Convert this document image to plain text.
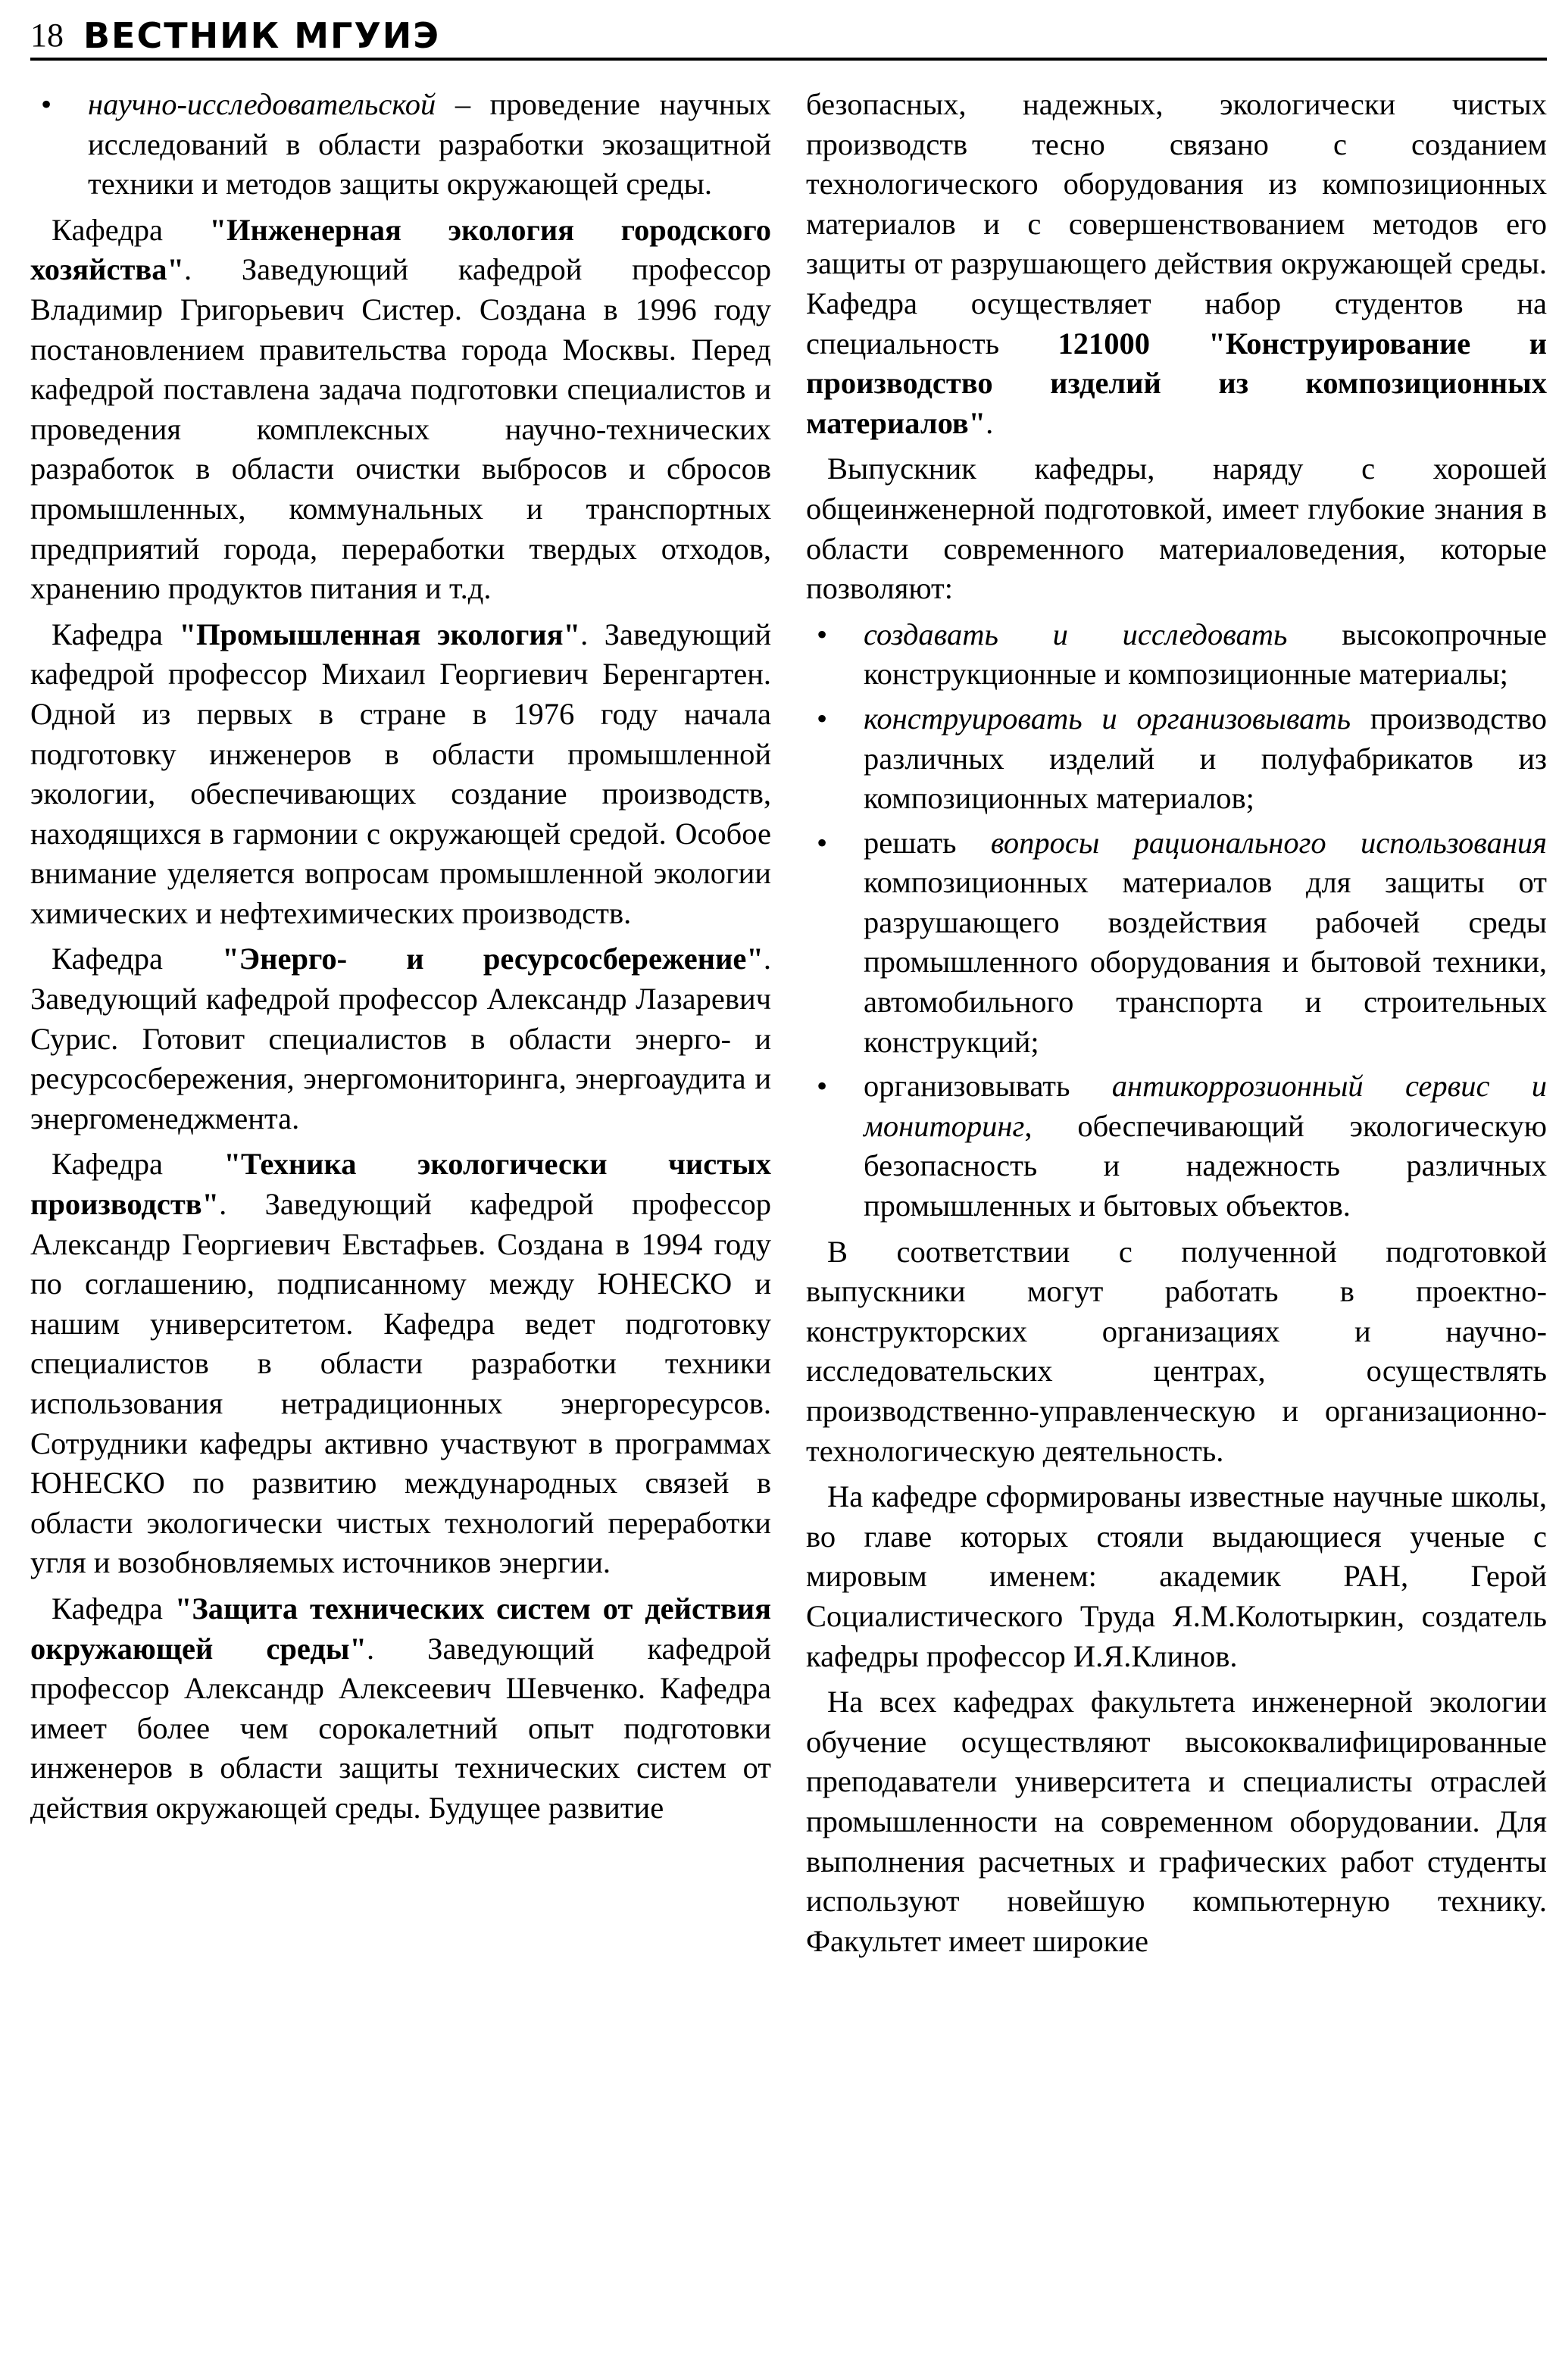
18 ВЕСТНИК МГУИЭ
• научно-исследовательской – проведение научных исследований в области разработки экозащитной техники и методов защиты окружающей среды.

Кафедра "Инженерная экология городского хозяйства". Заведующий кафедрой профессор Владимир Григорьевич Систер. Создана в 1996 году постановлением правительства города Москвы. Перед кафедрой поставлена задача подготовки специалистов и проведения комплексных научно-технических разработок в области очистки выбросов и сбросов промышленных, коммунальных и транспортных предприятий города, переработки твердых отходов, хранению продуктов питания и т.д.

Кафедра "Промышленная экология". Заведующий кафедрой профессор Михаил Георгиевич Беренгартен. Одной из первых в стране в 1976 году начала подготовку инженеров в области промышленной экологии, обеспечивающих создание производств, находящихся в гармонии с окружающей средой. Особое внимание уделяется вопросам промышленной экологии химических и нефтехимических производств.

Кафедра "Энерго- и ресурсосбережение". Заведующий кафедрой профессор Александр Лазаревич Сурис. Готовит специалистов в области энерго- и ресурсосбережения, энергомониторинга, энергоаудита и энергоменеджмента.

Кафедра "Техника экологически чистых производств". Заведующий кафедрой профессор Александр Георгиевич Евстафьев. Создана в 1994 году по соглашению, подписанному между ЮНЕСКО и нашим университетом. Кафедра ведет подготовку специалистов в области разработки техники использования нетрадиционных энергоресурсов. Сотрудники кафедры активно участвуют в программах ЮНЕСКО по развитию международных связей в области экологически чистых технологий переработки угля и возобновляемых источников энергии.

Кафедра "Защита технических систем от действия окружающей среды". Заведующий кафедрой профессор Александр Алексеевич Шевченко. Кафедра имеет более чем сорокалетний опыт подготовки инженеров в области защиты технических систем от действия окружающей среды. Будущее развитие

безопасных, надежных, экологически чистых производств тесно связано с созданием технологического оборудования из композиционных материалов и с совершенствованием методов его защиты от разрушающего действия окружающей среды. Кафедра осуществляет набор студентов на специальность 121000 "Конструирование и производство изделий из композиционных материалов".

Выпускник кафедры, наряду с хорошей общеинженерной подготовкой, имеет глубокие знания в области современного материаловедения, которые позволяют:

• создавать и исследовать высокопрочные конструкционные и композиционные материалы;
• конструировать и организовывать производство различных изделий и полуфабрикатов из композиционных материалов;
• решать вопросы рационального использования композиционных материалов для защиты от разрушающего воздействия рабочей среды промышленного оборудования и бытовой техники, автомобильного транспорта и строительных конструкций;
• организовывать антикоррозионный сервис и мониторинг, обеспечивающий экологическую безопасность и надежность различных промышленных и бытовых объектов.

В соответствии с полученной подготовкой выпускники могут работать в проектно-конструкторских организациях и научно-исследовательских центрах, осуществлять производственно-управленческую и организационно-технологическую деятельность.

На кафедре сформированы известные научные школы, во главе которых стояли выдающиеся ученые с мировым именем: академик РАН, Герой Социалистического Труда Я.М.Колотыркин, создатель кафедры профессор И.Я.Клинов.

На всех кафедрах факультета инженерной экологии обучение осуществляют высококвалифицированные преподаватели университета и специалисты отраслей промышленности на современном оборудовании. Для выполнения расчетных и графических работ студенты используют новейшую компьютерную технику. Факультет имеет широкие
